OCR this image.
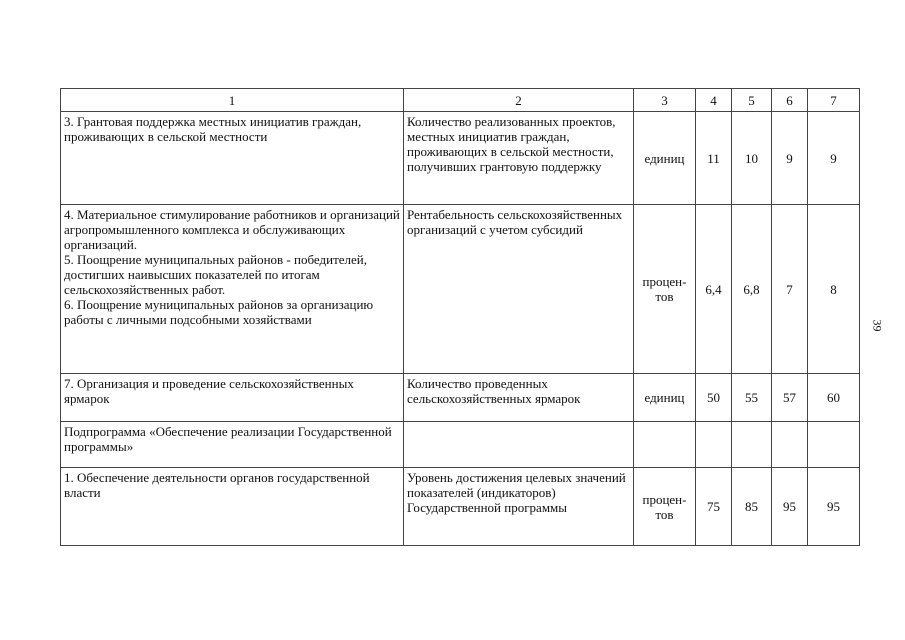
1	2	3	4	5	6	7
3. Грантовая поддержка местных инициатив граждан, проживающих в сельской местности	Количество реализованных проектов, местных инициатив граждан, проживающих в сельской местности, получивших грантовую поддержку	единиц	11	10	9	9

4. Материальное стимулирование работников и организаций агропромышленного комплекса и обслуживающих организаций.
5. Поощрение муниципальных районов - победителей, достигших наивысших показателей по итогам сельскохозяйственных работ.
6. Поощрение муниципальных районов за организацию работы с личными подсобными хозяйствами	Рентабельность сельскохозяйственных организаций с учетом субсидий	процен-тов	6,4	6,8	7	8
7. Организация и проведение сельскохозяйственных ярмарок	Количество проведенных сельскохозяйственных ярмарок	единиц	50	55	57	60
Подпрограмма «Обеспечение реализации Государственной программы»						
1. Обеспечение деятельности органов государственной власти	Уровень достижения целевых значений показателей (индикаторов) Государственной программы	процен-тов	75	85	95	95
39
